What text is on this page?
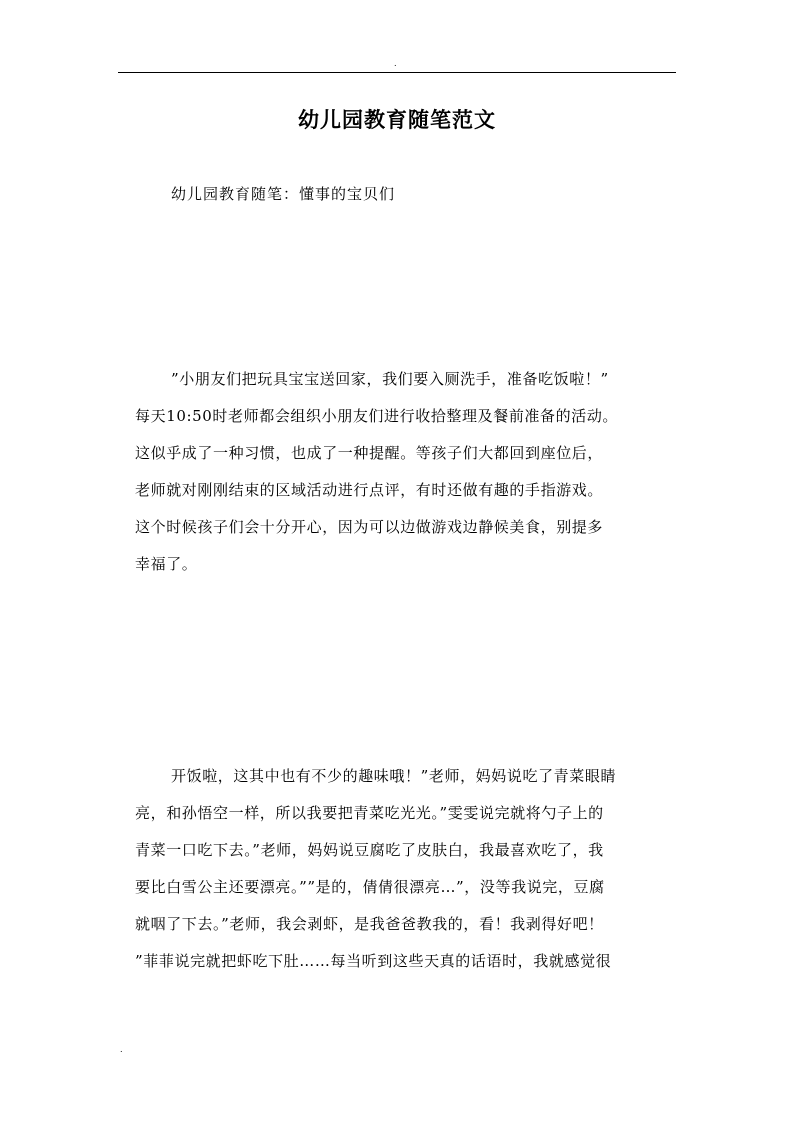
.
幼儿园教育随笔范文
幼儿园教育随笔：懂事的宝贝们
”小朋友们把玩具宝宝送回家，我们要入厕洗手，准备吃饭啦！”
每天10:50时老师都会组织小朋友们进行收拾整理及餐前准备的活动。
这似乎成了一种习惯，也成了一种提醒。等孩子们大都回到座位后，
老师就对刚刚结束的区域活动进行点评，有时还做有趣的手指游戏。
这个时候孩子们会十分开心，因为可以边做游戏边静候美食，别提多
幸福了。
开饭啦，这其中也有不少的趣味哦！”老师，妈妈说吃了青菜眼睛
亮，和孙悟空一样，所以我要把青菜吃光光。”雯雯说完就将勺子上的
青菜一口吃下去。”老师，妈妈说豆腐吃了皮肤白，我最喜欢吃了，我
要比白雪公主还要漂亮。””是的，倩倩很漂亮…”，没等我说完，豆腐
就咽了下去。”老师，我会剥虾，是我爸爸教我的，看！我剥得好吧！
”菲菲说完就把虾吃下肚……每当听到这些天真的话语时，我就感觉很
.
